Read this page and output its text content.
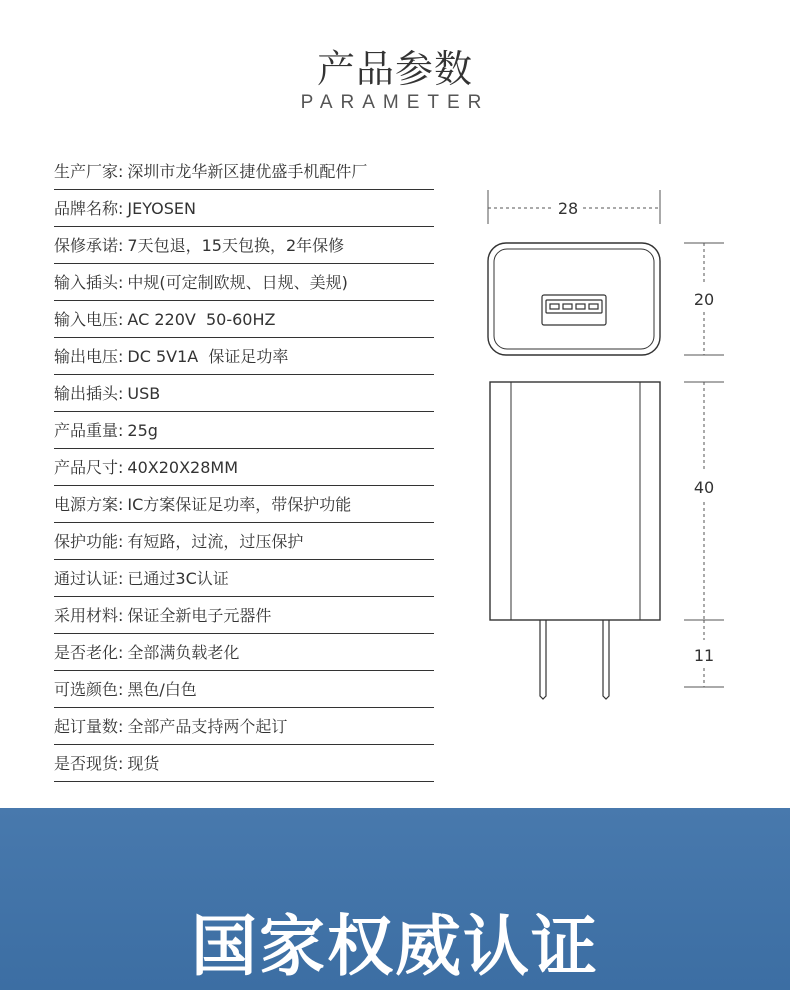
产品参数
PARAMETER
生产厂家: 深圳市龙华新区捷优盛手机配件厂
品牌名称: JEYOSEN
保修承诺: 7天包退，15天包换，2年保修
输入插头: 中规(可定制欧规、日规、美规)
输入电压: AC 220V  50-60HZ
输出电压: DC 5V1A  保证足功率
输出插头: USB
产品重量: 25g
产品尺寸: 40X20X28MM
电源方案: IC方案保证足功率，带保护功能
保护功能: 有短路，过流，过压保护
通过认证: 已通过3C认证
采用材料: 保证全新电子元器件
是否老化: 全部满负载老化
可选颜色: 黑色/白色
起订量数: 全部产品支持两个起订
是否现货: 现货
28
20
40
11
国家权威认证
